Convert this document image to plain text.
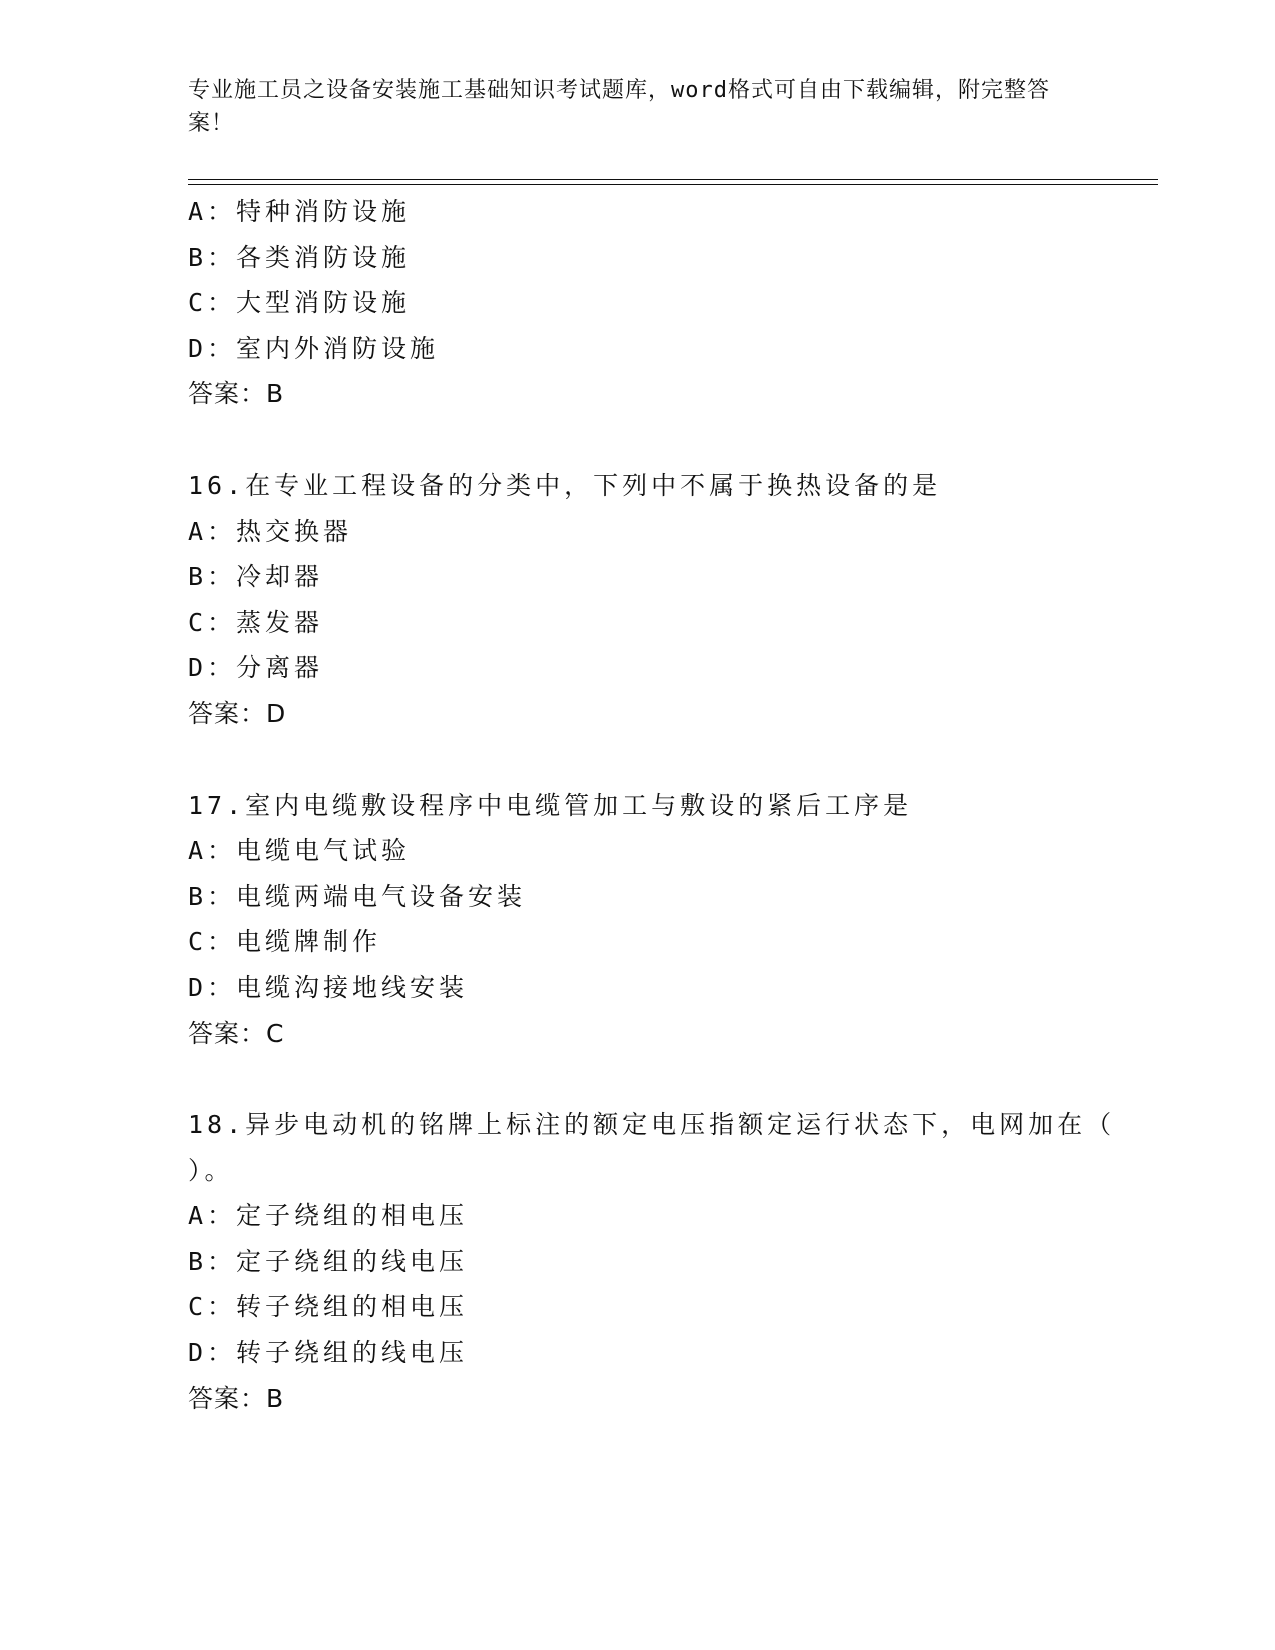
专业施工员之设备安装施工基础知识考试题库，word格式可自由下载编辑，附完整答案！
A：特种消防设施
B：各类消防设施
C：大型消防设施
D：室内外消防设施
答案：B
16.在专业工程设备的分类中，下列中不属于换热设备的是
A：热交换器
B：冷却器
C：蒸发器
D：分离器
答案：D
17.室内电缆敷设程序中电缆管加工与敷设的紧后工序是
A：电缆电气试验
B：电缆两端电气设备安装
C：电缆牌制作
D：电缆沟接地线安装
答案：C
18.异步电动机的铭牌上标注的额定电压指额定运行状态下，电网加在（ ）。
A：定子绕组的相电压
B：定子绕组的线电压
C：转子绕组的相电压
D：转子绕组的线电压
答案：B
